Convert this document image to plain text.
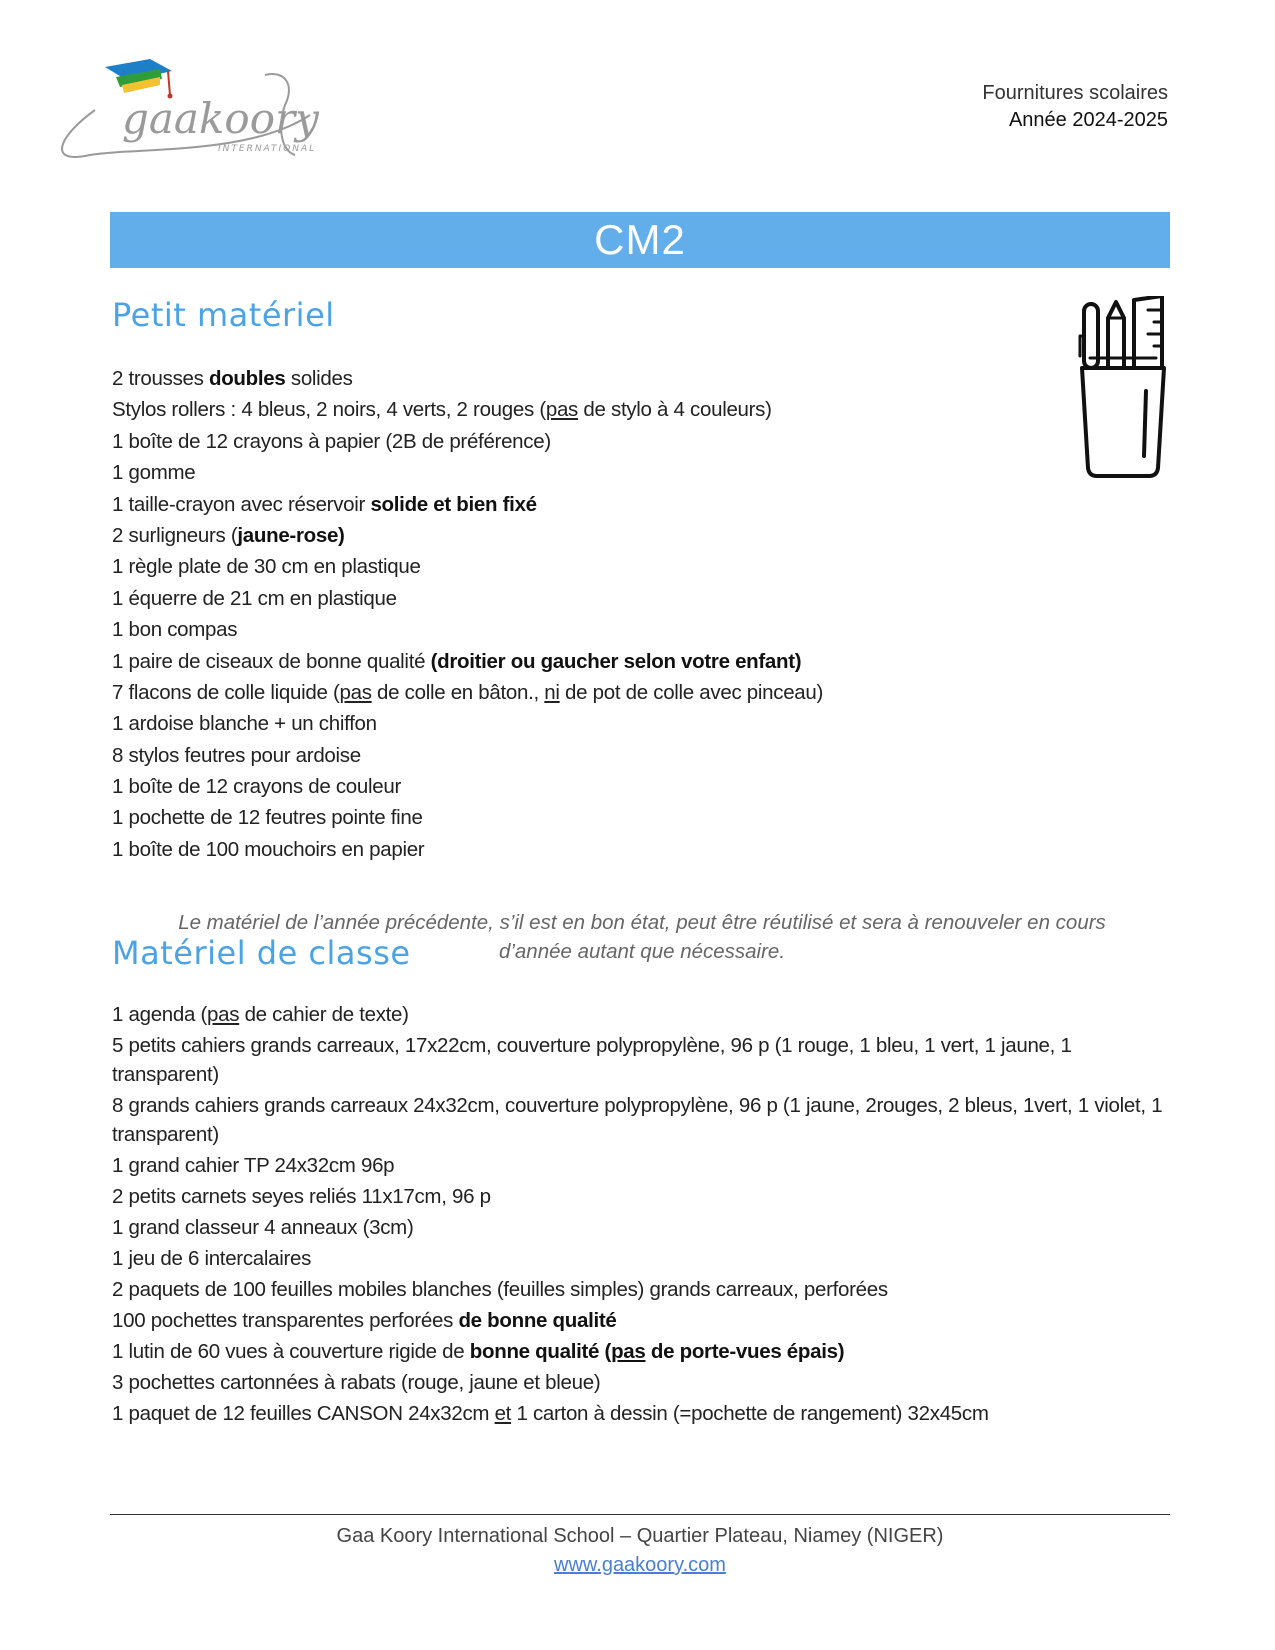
gaakoory
INTERNATIONAL
Fournitures scolaires
Année 2024-2025
CM2
Petit matériel
2 trousses doubles solides
Stylos rollers : 4 bleus, 2 noirs, 4 verts, 2 rouges (pas de stylo à 4 couleurs)
1 boîte de 12 crayons à papier (2B de préférence)
1 gomme
1 taille-crayon avec réservoir solide et bien fixé
2 surligneurs (jaune-rose)
1 règle plate de 30 cm en plastique
1 équerre de 21 cm en plastique
1 bon compas
1 paire de ciseaux de bonne qualité (droitier ou gaucher selon votre enfant)
7 flacons de colle liquide (pas de colle en bâton., ni de pot de colle avec pinceau)
1 ardoise blanche + un chiffon
8 stylos feutres pour ardoise
1 boîte de 12 crayons de couleur
1 pochette de 12 feutres pointe fine
1 boîte de 100 mouchoirs en papier
Le matériel de l’année précédente, s’il est en bon état, peut être réutilisé et sera à renouveler en cours
d’année autant que nécessaire.
Matériel de classe
1 agenda (pas de cahier de texte)
5 petits cahiers grands carreaux, 17x22cm, couverture polypropylène, 96 p (1 rouge, 1 bleu, 1 vert, 1 jaune, 1 transparent)
8 grands cahiers grands carreaux 24x32cm, couverture polypropylène, 96 p (1 jaune, 2rouges, 2 bleus, 1vert, 1 violet, 1 transparent)
1 grand cahier TP 24x32cm 96p
2 petits carnets seyes reliés 11x17cm, 96 p
1 grand classeur 4 anneaux (3cm)
1 jeu de 6 intercalaires
2 paquets de 100 feuilles mobiles blanches (feuilles simples) grands carreaux, perforées
100 pochettes transparentes perforées de bonne qualité
1 lutin de 60 vues à couverture rigide de bonne qualité (pas de porte-vues épais)
3 pochettes cartonnées à rabats (rouge, jaune et bleue)
1 paquet de 12 feuilles CANSON 24x32cm et 1 carton à dessin (=pochette de rangement) 32x45cm
Gaa Koory International School – Quartier Plateau, Niamey (NIGER)
www.gaakoory.com
